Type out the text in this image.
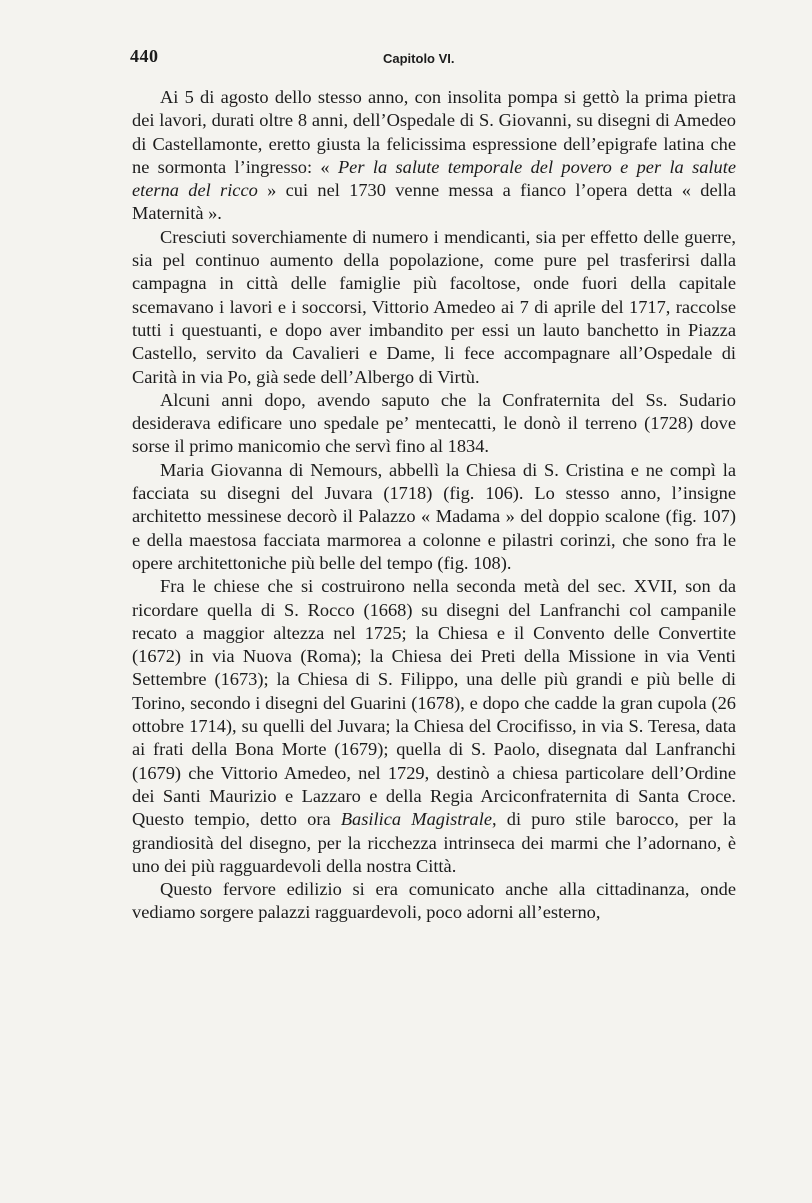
440	Capitolo VI.

Ai 5 di agosto dello stesso anno, con insolita pompa si gettò la prima pietra dei lavori, durati oltre 8 anni, dell’Ospedale di S. Giovanni, su disegni di Amedeo di Castellamonte, eretto giusta la felicissima espressione dell’epigrafe latina che ne sormonta l’ingresso: « Per la salute temporale del povero e per la salute eterna del ricco » cui nel 1730 venne messa a fianco l’opera detta « della Maternità ».

Cresciuti soverchiamente di numero i mendicanti, sia per effetto delle guerre, sia pel continuo aumento della popolazione, come pure pel trasferirsi dalla campagna in città delle famiglie più facoltose, onde fuori della capitale scemavano i lavori e i soccorsi, Vittorio Amedeo ai 7 di aprile del 1717, raccolse tutti i questuanti, e dopo aver imbandito per essi un lauto banchetto in Piazza Castello, servito da Cavalieri e Dame, li fece accompagnare all’Ospedale di Carità in via Po, già sede dell’Albergo di Virtù.

Alcuni anni dopo, avendo saputo che la Confraternita del Ss. Sudario desiderava edificare uno spedale pe’ mentecatti, le donò il terreno (1728) dove sorse il primo manicomio che servì fino al 1834.

Maria Giovanna di Nemours, abbellì la Chiesa di S. Cristina e ne compì la facciata su disegni del Juvara (1718) (fig. 106). Lo stesso anno, l’insigne architetto messinese decorò il Palazzo « Madama » del doppio scalone (fig. 107) e della maestosa facciata marmorea a colonne e pilastri corinzi, che sono fra le opere architettoniche più belle del tempo (fig. 108).

Fra le chiese che si costruirono nella seconda metà del sec. XVII, son da ricordare quella di S. Rocco (1668) su disegni del Lanfranchi col campanile recato a maggior altezza nel 1725; la Chiesa e il Convento delle Convertite (1672) in via Nuova (Roma); la Chiesa dei Preti della Missione in via Venti Settembre (1673); la Chiesa di S. Filippo, una delle più grandi e più belle di Torino, secondo i disegni del Guarini (1678), e dopo che cadde la gran cupola (26 ottobre 1714), su quelli del Juvara; la Chiesa del Crocifisso, in via S. Teresa, data ai frati della Bona Morte (1679); quella di S. Paolo, disegnata dal Lanfranchi (1679) che Vittorio Amedeo, nel 1729, destinò a chiesa particolare dell’Ordine dei Santi Maurizio e Lazzaro e della Regia Arciconfraternita di Santa Croce. Questo tempio, detto ora Basilica Magistrale, di puro stile barocco, per la grandiosità del disegno, per la ricchezza intrinseca dei marmi che l’adornano, è uno dei più ragguardevoli della nostra Città.

Questo fervore edilizio si era comunicato anche alla cittadinanza, onde vediamo sorgere palazzi ragguardevoli, poco adorni all’esterno,
